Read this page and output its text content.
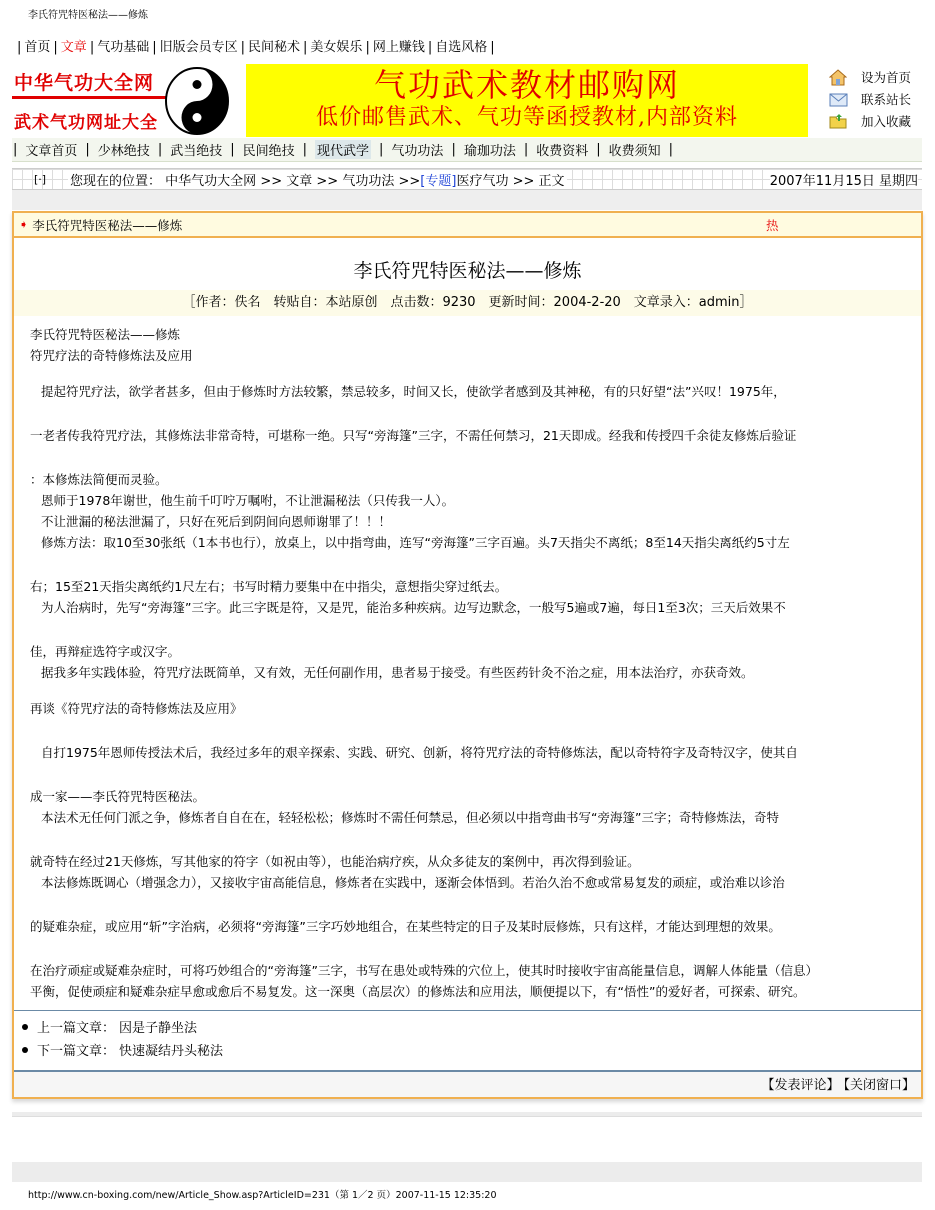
李氏符咒特医秘法——修炼
| 首页 | 文章 | 气功基础 | 旧版会员专区 | 民间秘术 | 美女娱乐 | 网上赚钱 | 自选风格 |
中华气功大全网
武术气功网址大全
气功武术教材邮购网
低价邮售武术、气功等函授教材,内部资料
设为首页
联系站长
加入收藏
| 文章首页 | 少林绝技 | 武当绝技 | 民间绝技 | 现代武学 | 气功功法 | 瑜珈功法 | 收费资料 | 收费须知 |
[·] 您现在的位置： 中华气功大全网 >> 文章 >> 气功功法 >>[专题]医疗气功 >> 正文	2007年11月15日 星期四
➧ 李氏符咒特医秘法——修炼	热
李氏符咒特医秘法——修炼
［作者：佚名　转贴自：本站原创　点击数：9230　更新时间：2004-2-20　文章录入：admin］

李氏符咒特医秘法——修炼

符咒疗法的奇特修炼法及应用

提起符咒疗法，欲学者甚多，但由于修炼时方法较繁，禁忌较多，时间又长，使欲学者感到及其神秘，有的只好望“法”兴叹！1975年，

一老者传我符咒疗法，其修炼法非常奇特，可堪称一绝。只写“旁海篷”三字，不需任何禁习，21天即成。经我和传授四千余徒友修炼后验证

：本修炼法简便而灵验。

恩师于1978年谢世，他生前千叮咛万嘱咐，不让泄漏秘法（只传我一人）。

不让泄漏的秘法泄漏了，只好在死后到阴间向恩师谢罪了！！！

修炼方法：取10至30张纸（1本书也行），放桌上，以中指弯曲，连写“旁海篷”三字百遍。头7天指尖不离纸；8至14天指尖离纸约5寸左

右；15至21天指尖离纸约1尺左右；书写时精力要集中在中指尖，意想指尖穿过纸去。

为人治病时，先写“旁海篷”三字。此三字既是符，又是咒，能治多种疾病。边写边默念，一般写5遍或7遍，每日1至3次；三天后效果不

佳，再辩症选符字或汉字。

据我多年实践体验，符咒疗法既简单，又有效，无任何副作用，患者易于接受。有些医药针灸不治之症，用本法治疗，亦获奇效。

再谈《符咒疗法的奇特修炼法及应用》

自打1975年恩师传授法术后，我经过多年的艰辛探索、实践、研究、创新，将符咒疗法的奇特修炼法，配以奇特符字及奇特汉字，使其自

成一家——李氏符咒特医秘法。

本法术无任何门派之争，修炼者自自在在，轻轻松松；修炼时不需任何禁忌，但必须以中指弯曲书写“旁海篷”三字；奇特修炼法，奇特

就奇特在经过21天修炼，写其他家的符字（如祝由等），也能治病疗疾，从众多徒友的案例中，再次得到验证。

本法修炼既调心（增强念力），又接收宇宙高能信息，修炼者在实践中，逐渐会体悟到。若治久治不愈或常易复发的顽症，或治难以诊治

的疑难杂症，或应用“斩”字治病，必须将“旁海篷”三字巧妙地组合，在某些特定的日子及某时辰修炼，只有这样，才能达到理想的效果。

在治疗顽症或疑难杂症时，可将巧妙组合的“旁海篷”三字，书写在患处或特殊的穴位上，使其时时接收宇宙高能量信息，调解人体能量（信息）

平衡，促使顽症和疑难杂症早愈或愈后不易复发。这一深奥（高层次）的修炼法和应用法，顺便提以下，有“悟性”的爱好者，可探索、研究。

上一篇文章： 因是子静坐法
下一篇文章： 快速凝结丹头秘法
【发表评论】 【关闭窗口】
http://www.cn-boxing.com/new/Article_Show.asp?ArticleID=231（第 1／2 页）2007-11-15 12:35:20
